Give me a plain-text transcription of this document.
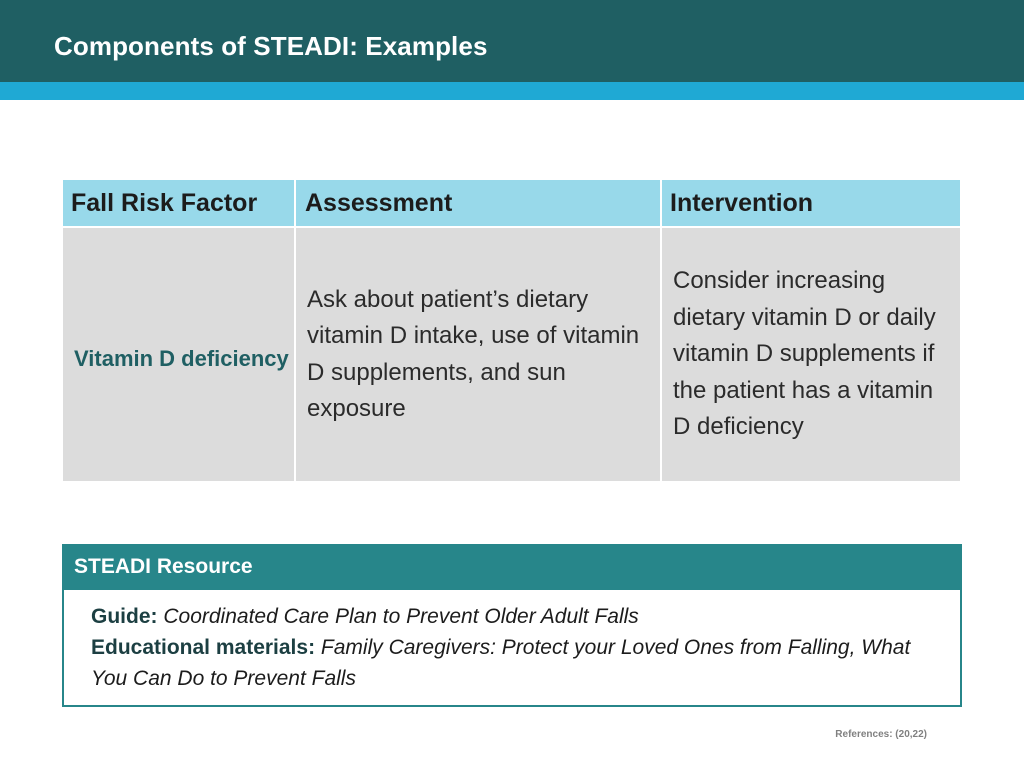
Components of STEADI: Examples
Fall Risk Factor	Assessment	Intervention
Vitamin D deficiency
Ask about patient’s dietary vitamin D intake, use of vitamin D supplements, and sun exposure
Consider increasing dietary vitamin D or daily vitamin D supplements if the patient has a vitamin D deficiency
STEADI Resource
Guide: Coordinated Care Plan to Prevent Older Adult Falls
Educational materials: Family Caregivers: Protect your Loved Ones from Falling, What You Can Do to Prevent Falls
References: (20,22)
